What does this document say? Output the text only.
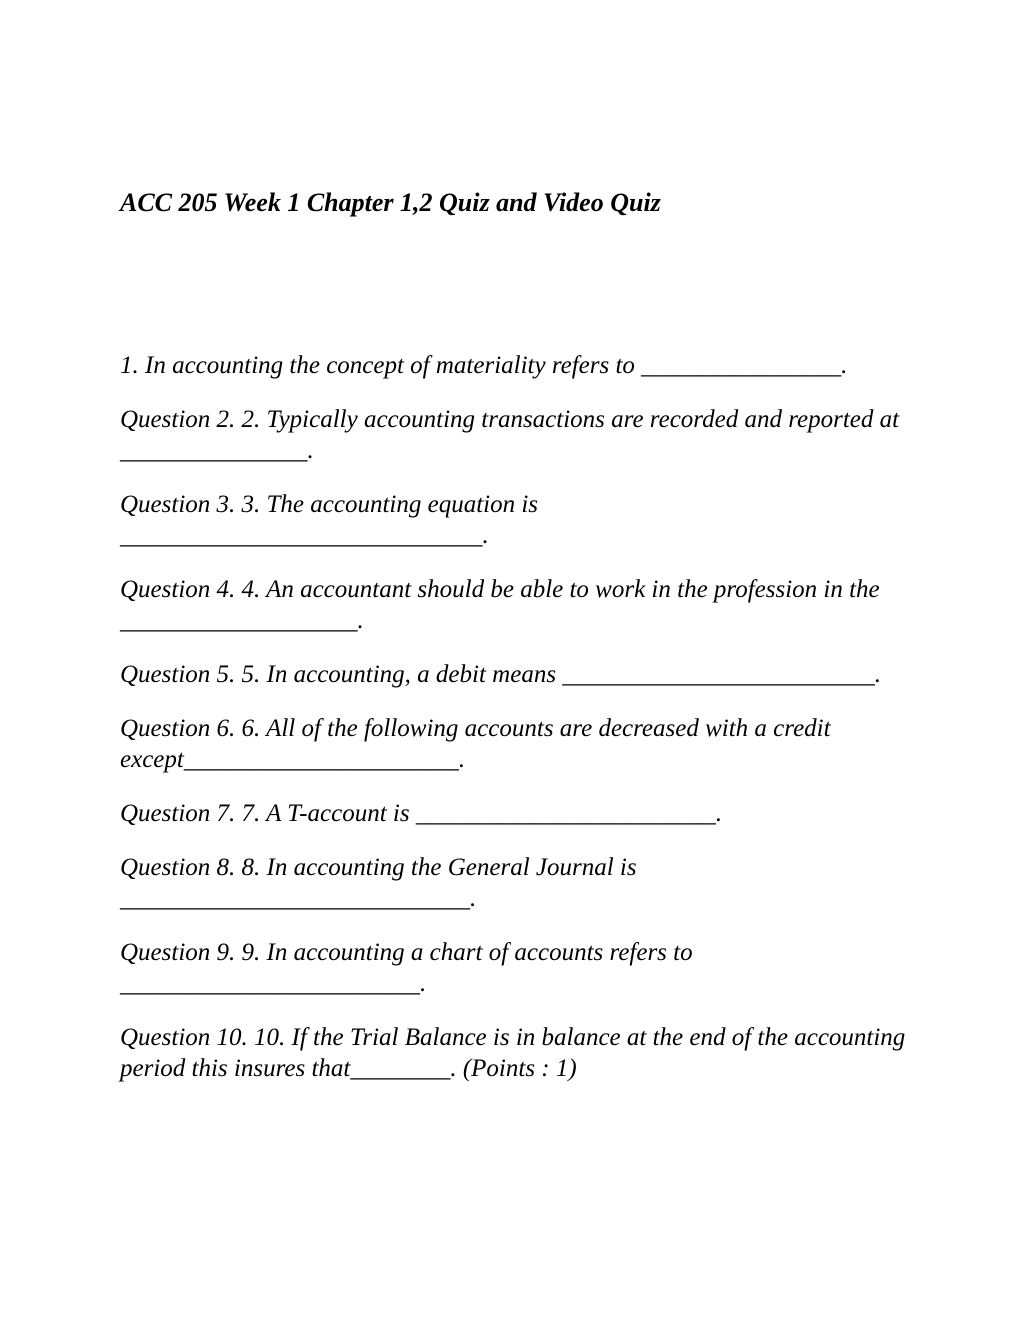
ACC 205 Week 1 Chapter 1,2 Quiz and Video Quiz
1. In accounting the concept of materiality refers to ________________.
Question 2. 2. Typically accounting transactions are recorded and reported at _______________.
Question 3. 3. The accounting equation is _____________________________.
Question 4. 4. An accountant should be able to work in the profession in the ___________________.
Question 5. 5. In accounting, a debit means _________________________.
Question 6. 6. All of the following accounts are decreased with a credit except______________________.
Question 7. 7. A T-account is ________________________.
Question 8. 8. In accounting the General Journal is ____________________________.
Question 9. 9. In accounting a chart of accounts refers to ________________________.
Question 10. 10. If the Trial Balance is in balance at the end of the accounting period this insures that________. (Points : 1)
